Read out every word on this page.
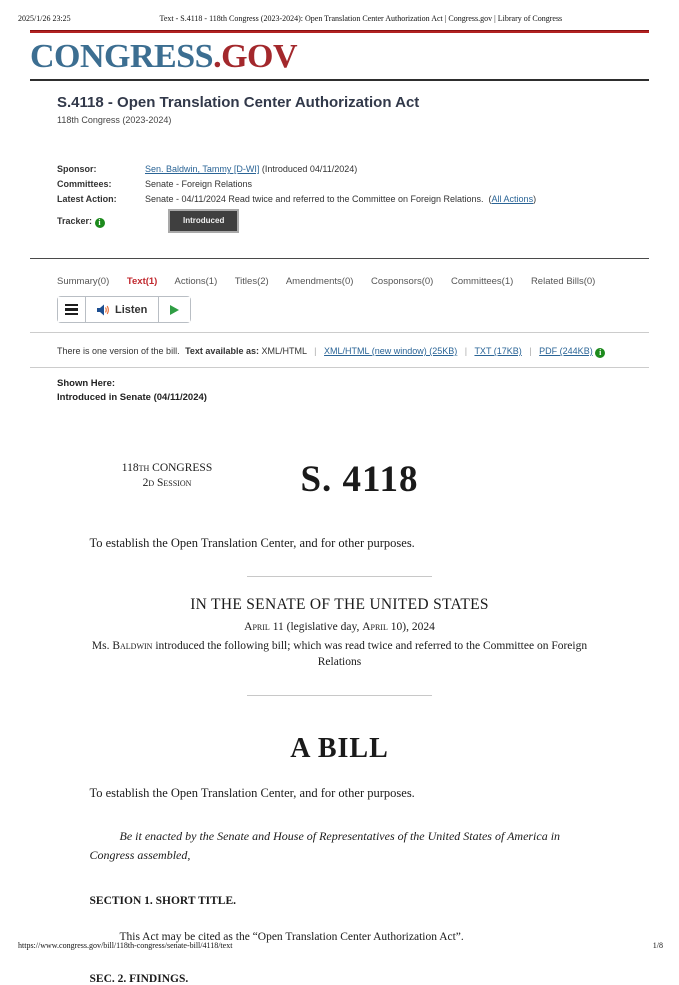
2025/1/26 23:25	Text - S.4118 - 118th Congress (2023-2024): Open Translation Center Authorization Act | Congress.gov | Library of Congress
CONGRESS.GOV
S.4118 - Open Translation Center Authorization Act
118th Congress (2023-2024)
Sponsor:	Sen. Baldwin, Tammy [D-WI] (Introduced 04/11/2024)
Committees:	Senate - Foreign Relations
Latest Action:	Senate - 04/11/2024 Read twice and referred to the Committee on Foreign Relations. (All Actions)
Tracker: i	Introduced
Summary(0) Text(1) Actions(1) Titles(2) Amendments(0) Cosponsors(0) Committees(1) Related Bills(0)
Listen

There is one version of the bill. Text available as: XML/HTML | XML/HTML (new window) (25KB) | TXT (17KB) | PDF (244KB) i

Shown Here:
Introduced in Senate (04/11/2024)
118th CONGRESS
2d Session	S. 4118

To establish the Open Translation Center, and for other purposes.

IN THE SENATE OF THE UNITED STATES

April 11 (legislative day, April 10), 2024

Ms. Baldwin introduced the following bill; which was read twice and referred to the Committee on Foreign Relations

A BILL

To establish the Open Translation Center, and for other purposes.

Be it enacted by the Senate and House of Representatives of the United States of America in Congress assembled,

SECTION 1. SHORT TITLE.

This Act may be cited as the “Open Translation Center Authorization Act”.

SEC. 2. FINDINGS.
https://www.congress.gov/bill/118th-congress/senate-bill/4118/text	1/8
